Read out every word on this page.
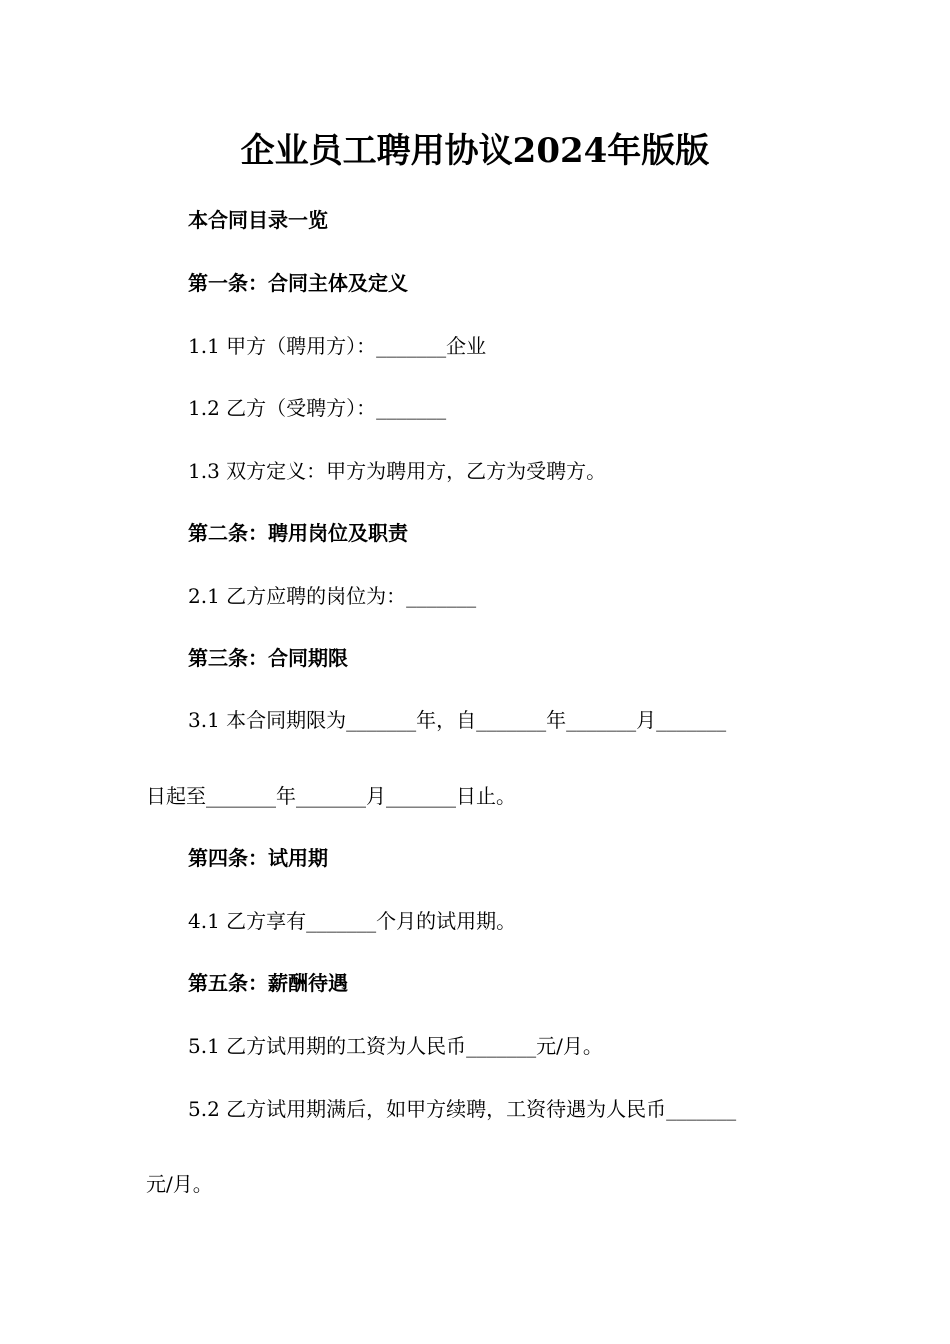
企业员工聘用协议2024年版版
本合同目录一览
第一条：合同主体及定义
1.1 甲方（聘用方）：_______企业
1.2 乙方（受聘方）：_______
1.3 双方定义：甲方为聘用方，乙方为受聘方。
第二条：聘用岗位及职责
2.1 乙方应聘的岗位为：_______
第三条：合同期限
3.1 本合同期限为_______年，自_______年_______月_______
日起至_______年_______月_______日止。
第四条：试用期
4.1 乙方享有_______个月的试用期。
第五条：薪酬待遇
5.1 乙方试用期的工资为人民币_______元/月。
5.2 乙方试用期满后，如甲方续聘，工资待遇为人民币_______
元/月。
